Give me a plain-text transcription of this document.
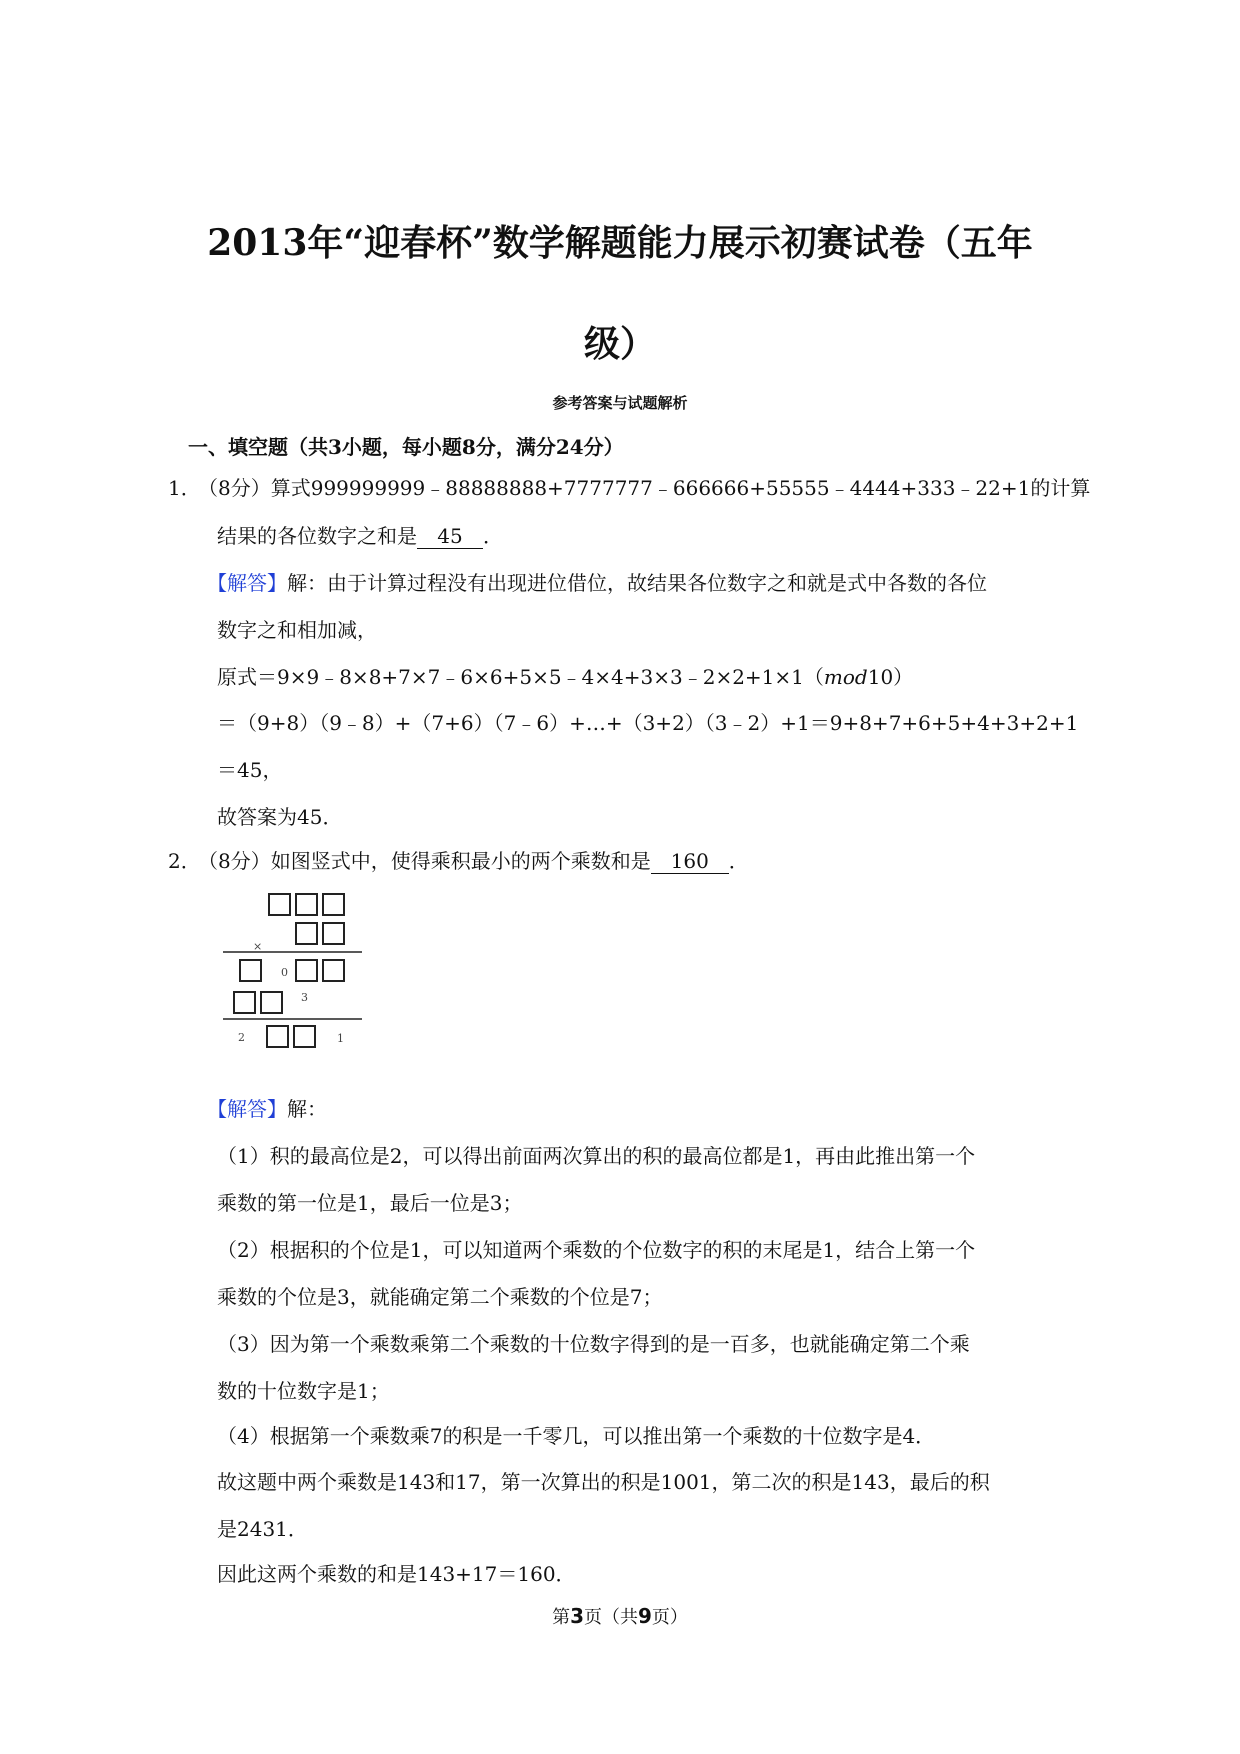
2013年“迎春杯”数学解题能力展示初赛试卷（五年
级）
参考答案与试题解析
一、填空题（共3小题，每小题8分，满分24分）
1．
（8分）算式999999999﹣88888888+7777777﹣666666+55555﹣4444+333﹣22+1的计算
结果的各位数字之和是 45 ．
【解答】解：由于计算过程没有出现进位借位，故结果各位数字之和就是式中各数的各位
数字之和相加减，
原式＝9×9﹣8×8+7×7﹣6×6+5×5﹣4×4+3×3﹣2×2+1×1（mod10）
＝（9+8）（9﹣8）+（7+6）（7﹣6）+…+（3+2）（3﹣2）+1＝9+8+7+6+5+4+3+2+1
＝45，
故答案为45．
2．
（8分）如图竖式中，使得乘积最小的两个乘数和是 160 ．
×
0
3
2	1
【解答】解：
（1）积的最高位是2，可以得出前面两次算出的积的最高位都是1，再由此推出第一个
乘数的第一位是1，最后一位是3；
（2）根据积的个位是1，可以知道两个乘数的个位数字的积的末尾是1，结合上第一个
乘数的个位是3，就能确定第二个乘数的个位是7；
（3）因为第一个乘数乘第二个乘数的十位数字得到的是一百多，也就能确定第二个乘
数的十位数字是1；
（4）根据第一个乘数乘7的积是一千零几，可以推出第一个乘数的十位数字是4．
故这题中两个乘数是143和17，第一次算出的积是1001，第二次的积是143，最后的积
是2431．
因此这两个乘数的和是143+17＝160．
第3页（共9页）
